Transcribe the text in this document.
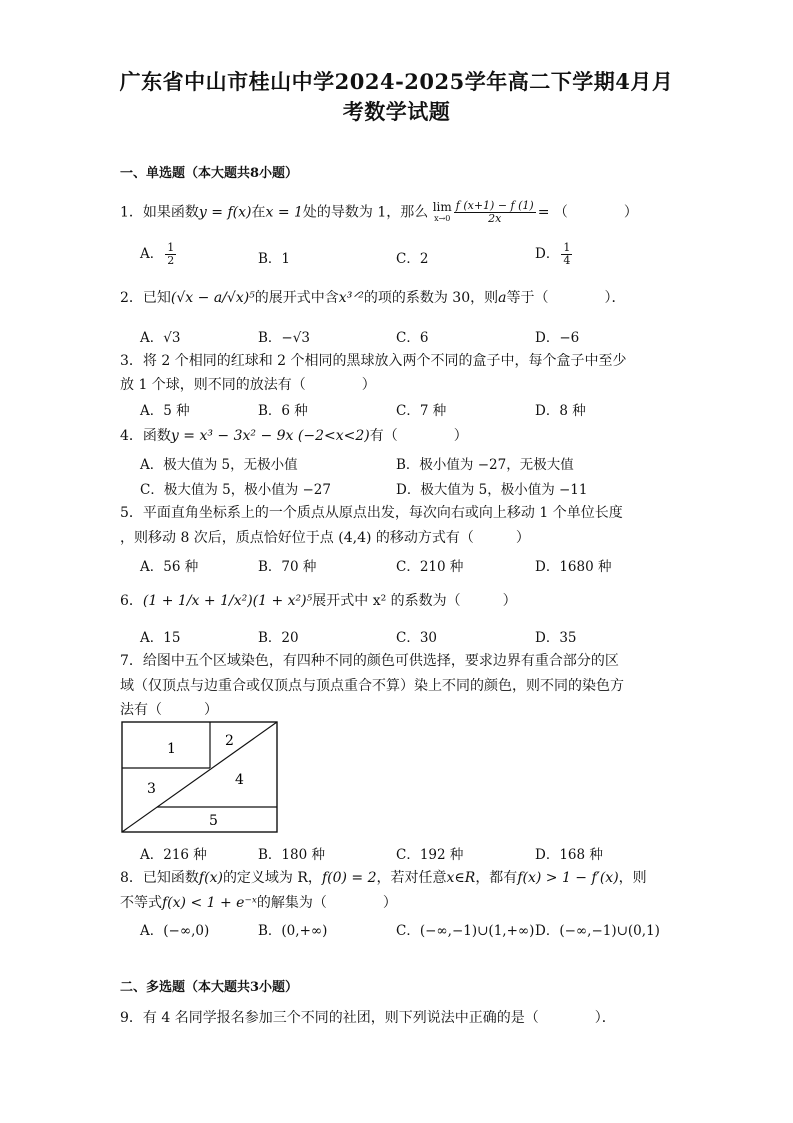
广东省中山市桂山中学2024-2025学年高二下学期4月月
考数学试题
一、单选题（本大题共8小题）
1．如果函数y = f(x)在x = 1处的导数为 1，那么 lim
$x\to 0 \frac{f (x+1) - f (1)}{2x}$ = （　　　　）
A． $\frac{1}{2}$	B．1	C．2	D． $\frac{1}{4}$
2．已知(√x − a/√x)⁵的展开式中含x³ᐟ²的项的系数为 30，则a等于（　　　　）．
A．√3	B．−√3	C．6	D．−6
3．将 2 个相同的红球和 2 个相同的黑球放入两个不同的盒子中，每个盒子中至少
放 1 个球，则不同的放法有（　　　　）
A．5 种	B．6 种	C．7 种	D．8 种
4．函数y = x³ − 3x² − 9x (−2<x<2)有（　　　　）
A．极大值为 5，无极小值	B．极小值为 −27，无极大值
C．极大值为 5，极小值为 −27	D．极大值为 5，极小值为 −11
5．平面直角坐标系上的一个质点从原点出发，每次向右或向上移动 1 个单位长度
，则移动 8 次后，质点恰好位于点 (4,4) 的移动方式有（　　　）
A．56 种	B．70 种	C．210 种	D．1680 种
6．(1 + 1/x + 1/x²)(1 + x²)⁵展开式中 x² 的系数为（　　　）
A．15	B．20	C．30	D．35
7．给图中五个区域染色，有四种不同的颜色可供选择，要求边界有重合部分的区
域（仅顶点与边重合或仅顶点与顶点重合不算）染上不同的颜色，则不同的染色方
法有（　　　）
1	2
3
4
5
A．216 种	B．180 种	C．192 种	D．168 种
8．已知函数f(x)的定义域为 R，f(0) = 2，若对任意x∈R，都有f(x) > 1 − f′(x)，则
不等式f(x) < 1 + e⁻ˣ的解集为（　　　　）
A．(−∞,0)	B．(0,+∞)	C．(−∞,−1)∪(1,+∞) D．(−∞,−1)∪(0,1)
二、多选题（本大题共3小题）
9．有 4 名同学报名参加三个不同的社团，则下列说法中正确的是（　　　　）．
